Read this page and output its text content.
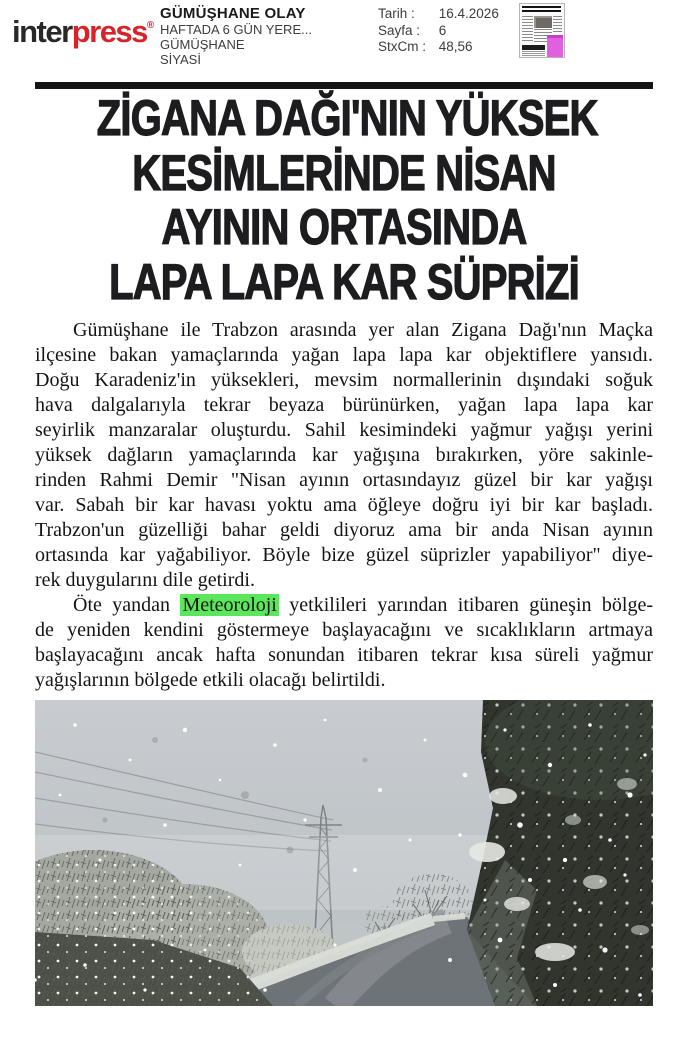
interpress®
GÜMÜŞHANE OLAY
HAFTADA 6 GÜN YERE...
GÜMÜŞHANE
SİYASİ
Tarih : 16.4.2026
Sayfa : 6
StxCm : 48,56
ZİGANA DAĞI'NIN YÜKSEK
KESİMLERİNDE NİSAN
AYININ ORTASINDA
LAPA LAPA KAR SÜPRİZİ
Gümüşhane ile Trabzon arasında yer alan Zigana Dağı'nın Maçka
ilçesine bakan yamaçlarında yağan lapa lapa kar objektiflere yansıdı.
Doğu Karadeniz'in yüksekleri, mevsim normallerinin dışındaki soğuk
hava dalgalarıyla tekrar beyaza bürünürken, yağan lapa lapa kar
seyirlik manzaralar oluşturdu. Sahil kesimindeki yağmur yağışı yerini
yüksek dağların yamaçlarında kar yağışına bırakırken, yöre sakinle-
rinden Rahmi Demir "Nisan ayının ortasındayız güzel bir kar yağışı
var. Sabah bir kar havası yoktu ama öğleye doğru iyi bir kar başladı.
Trabzon'un güzelliği bahar geldi diyoruz ama bir anda Nisan ayının
ortasında kar yağabiliyor. Böyle bize güzel süprizler yapabiliyor" diye-
rek duygularını dile getirdi.
Öte yandan Meteoroloji yetkilileri yarından itibaren güneşin bölge-
de yeniden kendini göstermeye başlayacağını ve sıcaklıkların artmaya
başlayacağını ancak hafta sonundan itibaren tekrar kısa süreli yağmur
yağışlarının bölgede etkili olacağı belirtildi.
